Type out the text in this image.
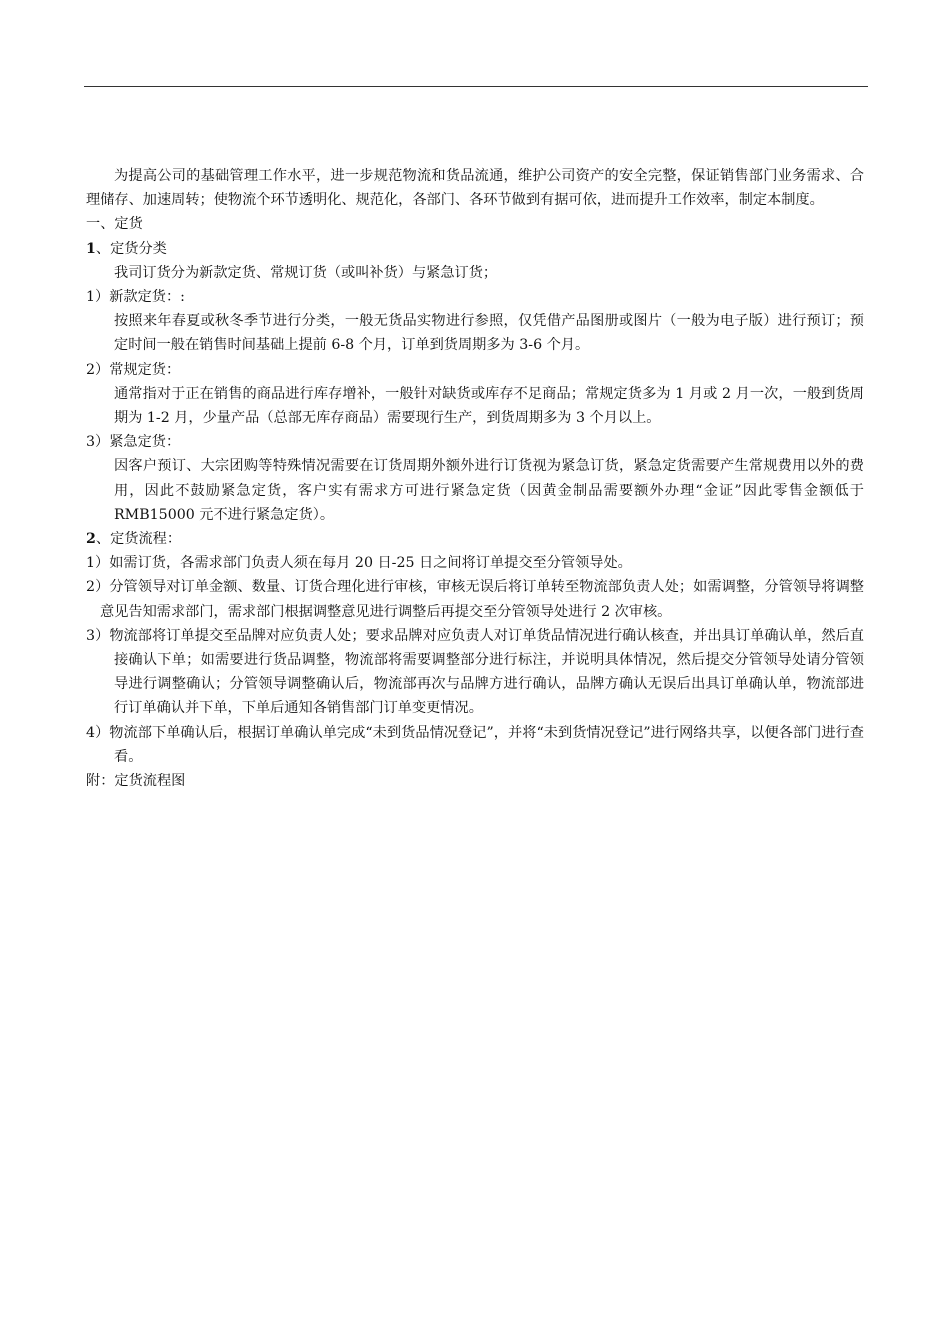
为提高公司的基础管理工作水平，进一步规范物流和货品流通，维护公司资产的安全完整，保证销售部门业务需求、合理储存、加速周转；使物流个环节透明化、规范化，各部门、各环节做到有据可依，进而提升工作效率，制定本制度。

一、定货

1、定货分类

我司订货分为新款定货、常规订货（或叫补货）与紧急订货；

1）新款定货：:

按照来年春夏或秋冬季节进行分类，一般无货品实物进行参照，仅凭借产品图册或图片（一般为电子版）进行预订；预定时间一般在销售时间基础上提前 6-8 个月，订单到货周期多为 3-6 个月。

2）常规定货：

通常指对于正在销售的商品进行库存增补，一般针对缺货或库存不足商品；常规定货多为 1 月或 2 月一次，一般到货周期为 1-2 月，少量产品（总部无库存商品）需要现行生产，到货周期多为 3 个月以上。

3）紧急定货：

因客户预订、大宗团购等特殊情况需要在订货周期外额外进行订货视为紧急订货，紧急定货需要产生常规费用以外的费用，因此不鼓励紧急定货，客户实有需求方可进行紧急定货（因黄金制品需要额外办理“金证”因此零售金额低于 RMB15000 元不进行紧急定货）。

2、定货流程：

1）如需订货，各需求部门负责人须在每月 20 日-25 日之间将订单提交至分管领导处。

2）分管领导对订单金额、数量、订货合理化进行审核，审核无误后将订单转至物流部负责人处；如需调整，分管领导将调整意见告知需求部门，需求部门根据调整意见进行调整后再提交至分管领导处进行 2 次审核。

3）物流部将订单提交至品牌对应负责人处；要求品牌对应负责人对订单货品情况进行确认核查，并出具订单确认单，然后直接确认下单；如需要进行货品调整，物流部将需要调整部分进行标注，并说明具体情况，然后提交分管领导处请分管领导进行调整确认；分管领导调整确认后，物流部再次与品牌方进行确认，品牌方确认无误后出具订单确认单，物流部进行订单确认并下单，下单后通知各销售部门订单变更情况。

4）物流部下单确认后，根据订单确认单完成“未到货品情况登记”，并将“未到货情况登记”进行网络共享，以便各部门进行查看。

附：定货流程图
